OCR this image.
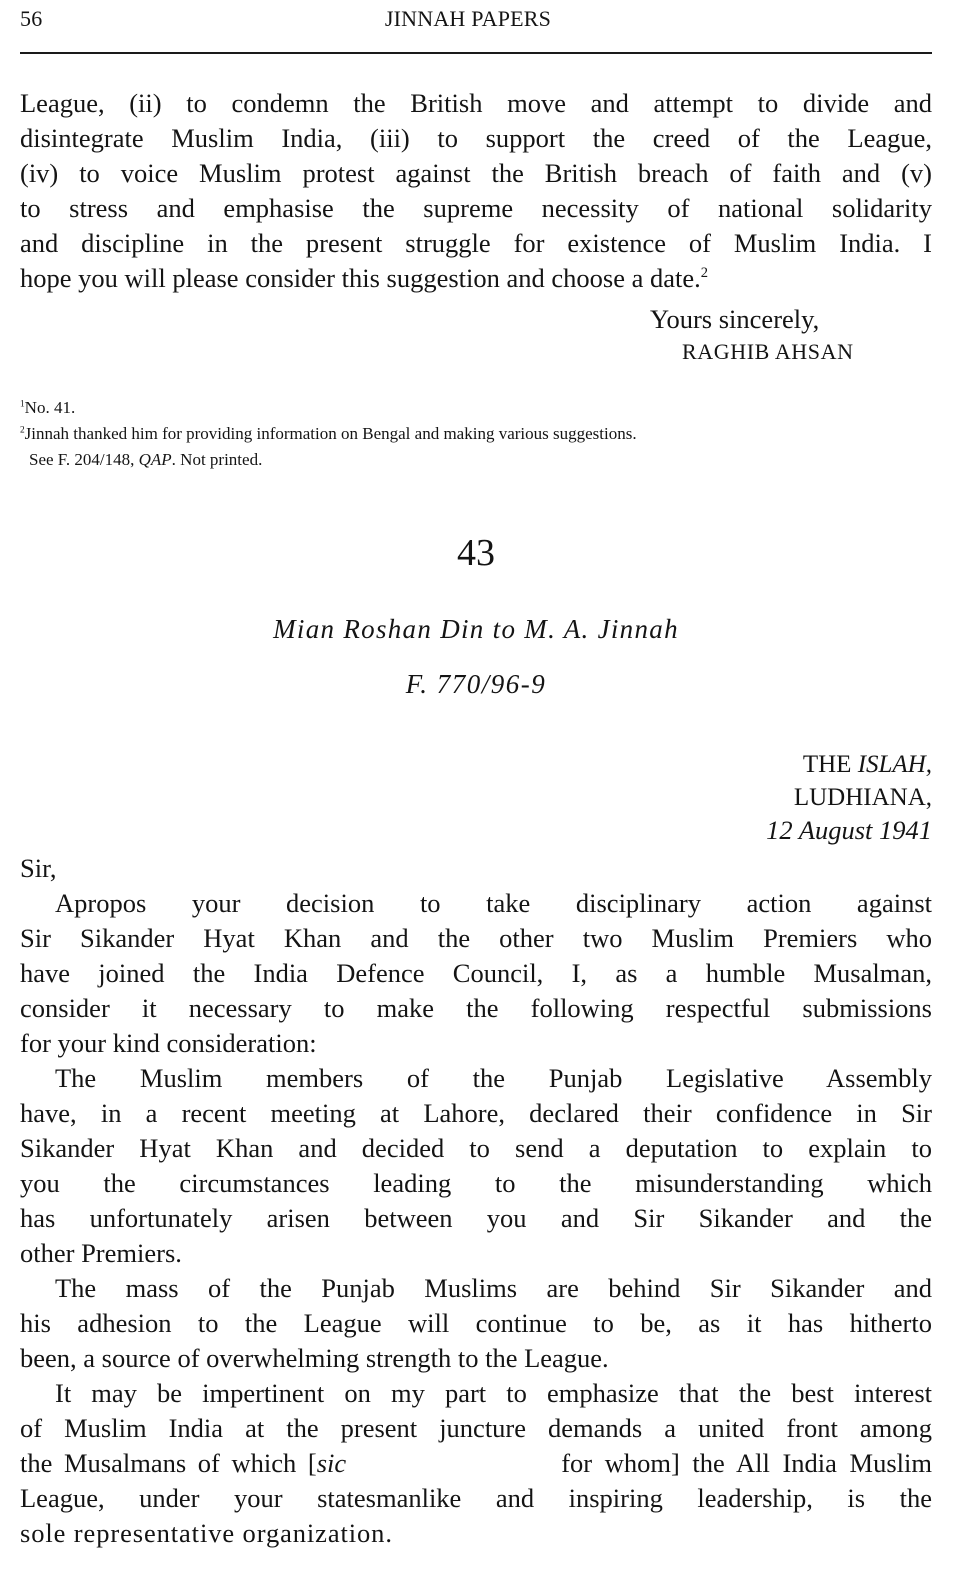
56	JINNAH PAPERS
League, (ii) to condemn the British move and attempt to divide and
disintegrate Muslim India, (iii) to support the creed of the League,
(iv) to voice Muslim protest against the British breach of faith and (v)
to stress and emphasise the supreme necessity of national solidarity
and discipline in the present struggle for existence of Muslim India. I
hope you will please consider this suggestion and choose a date.$^2$
Yours sincerely,
RAGHIB AHSAN
$^1$No. 41.
$^2$Jinnah thanked him for providing information on Bengal and making various suggestions.
See F. 204/148, QAP. Not printed.
43
Mian Roshan Din to M. A. Jinnah
F. 770/96-9
THE ISLAH,
LUDHIANA,
12 August 1941
Sir,
Apropos your decision to take disciplinary action against
Sir Sikander Hyat Khan and the other two Muslim Premiers who
have joined the India Defence Council, I, as a humble Musalman,
consider it necessary to make the following respectful submissions
for your kind consideration:
The Muslim members of the Punjab Legislative Assembly
have, in a recent meeting at Lahore, declared their confidence in Sir
Sikander Hyat Khan and decided to send a deputation to explain to
you the circumstances leading to the misunderstanding which
has unfortunately arisen between you and Sir Sikander and the
other Premiers.
The mass of the Punjab Muslims are behind Sir Sikander and
his adhesion to the League will continue to be, as it has hitherto
been, a source of overwhelming strength to the League.
It may be impertinent on my part to emphasize that the best interest
of Muslim India at the present juncture demands a united front among
the Musalmans of which [ sic	for whom] the All India Muslim
League, under your statesmanlike and inspiring leadership, is the
sole representative organization.
